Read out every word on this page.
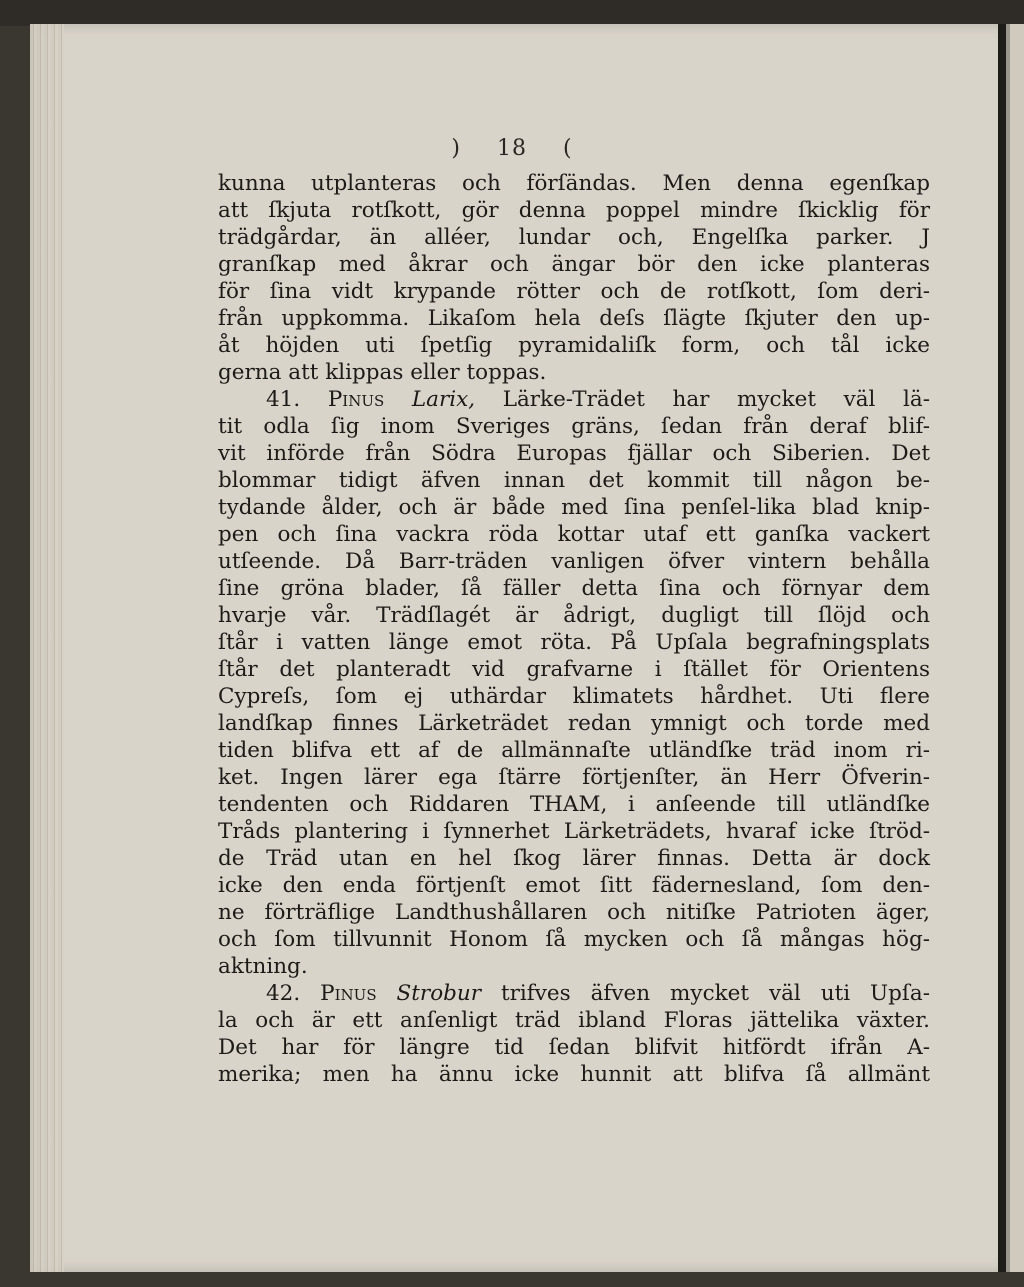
) 18 (
kunna utplanteras och förſändas. Men denna egenſkap
att ſkjuta rotſkott, gör denna poppel mindre ſkicklig för
trädgårdar, än alléer, lundar och, Engelſka parker. J
granſkap med åkrar och ängar bör den icke planteras
för ſina vidt krypande rötter och de rotſkott, ſom deri-
från uppkomma. Likaſom hela deſs ſlägte ſkjuter den up-
åt höjden uti ſpetſig pyramidaliſk form, och tål icke
gerna att klippas eller toppas.
41. Pinus Larix, Lärke-Trädet har mycket väl lä-
tit odla ſig inom Sveriges gräns, ſedan från deraf blif-
vit införde från Södra Europas fjällar och Siberien. Det
blommar tidigt äfven innan det kommit till någon be-
tydande ålder, och är både med ſina penſel-lika blad knip-
pen och ſina vackra röda kottar utaf ett ganſka vackert
utſeende. Då Barr-träden vanligen öfver vintern behålla
ſine gröna blader, ſå fäller detta ſina och förnyar dem
hvarje vår. Trädſlagét är ådrigt, dugligt till ſlöjd och
ſtår i vatten länge emot röta. På Upſala begrafningsplats
ſtår det planteradt vid grafvarne i ſtället för Orientens
Cypreſs, ſom ej uthärdar klimatets hårdhet. Uti flere
landſkap finnes Lärketrädet redan ymnigt och torde med
tiden blifva ett af de allmännaſte utländſke träd inom ri-
ket. Ingen lärer ega ſtärre förtjenſter, än Herr Öfverin-
tendenten och Riddaren THAM, i anſeende till utländſke
Tråds plantering i ſynnerhet Lärketrädets, hvaraf icke ſtröd-
de Träd utan en hel ſkog lärer finnas. Detta är dock
icke den enda förtjenſt emot ſitt fädernesland, ſom den-
ne förträflige Landthushållaren och nitiſke Patrioten äger,
och ſom tillvunnit Honom ſå mycken och ſå mångas hög-
aktning.
42. Pinus Strobur trifves äfven mycket väl uti Upſa-
la och är ett anſenligt träd ibland Floras jättelika växter.
Det har för längre tid ſedan blifvit hitfördt ifrån A-
merika; men ha ännu icke hunnit att blifva ſå allmänt
